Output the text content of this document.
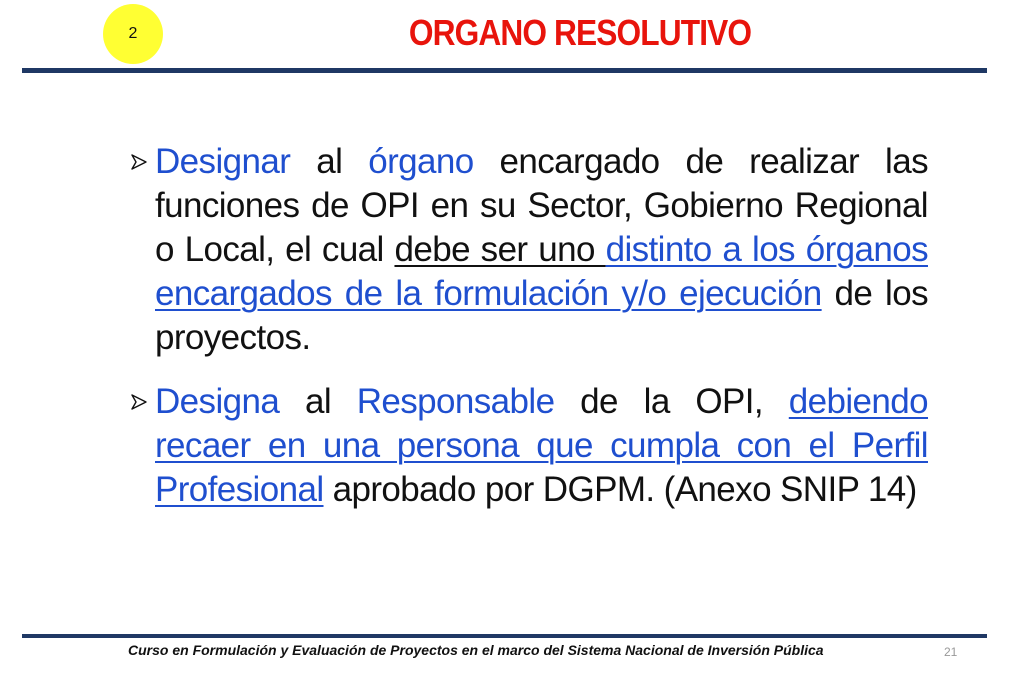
2	ORGANO RESOLUTIVO
Designar al órgano encargado de realizar las funciones de OPI en su Sector, Gobierno Regional o Local, el cual debe ser uno distinto a los órganos encargados de la formulación y/o ejecución de los proyectos.
Designa al Responsable de la OPI, debiendo recaer en una persona que cumpla con el Perfil Profesional aprobado por DGPM. (Anexo SNIP 14)
Curso en Formulación y Evaluación de Proyectos en el marco del Sistema Nacional de Inversión Pública	21
